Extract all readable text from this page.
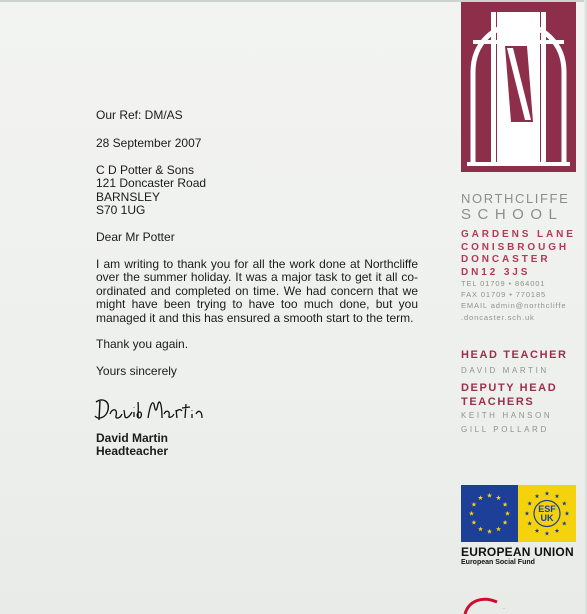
Our Ref: DM/AS
28 September 2007
C D Potter & Sons
121 Doncaster Road
BARNSLEY
S70 1UG
Dear Mr Potter
I am writing to thank you for all the work done at Northcliffe over the summer holiday. It was a major task to get it all co-ordinated and completed on time. We had concern that we might have been trying to have too much done, but you managed it and this has ensured a smooth start to the term.
Thank you again.
Yours sincerely
David Martin
Headteacher
NORTHCLIFFE
SCHOOL
GARDENS LANE
CONISBROUGH
DONCASTER
DN12 3JS
TEL 01709 • 864001
FAX 01709 • 770185
EMAIL admin@northcliffe
.doncaster.sch.uk
HEAD TEACHER
DAVID MARTIN
DEPUTY HEAD
TEACHERS
KEITH HANSON
GILL POLLARD
ESF
UK
EUROPEAN UNION
European Social Fund
·
